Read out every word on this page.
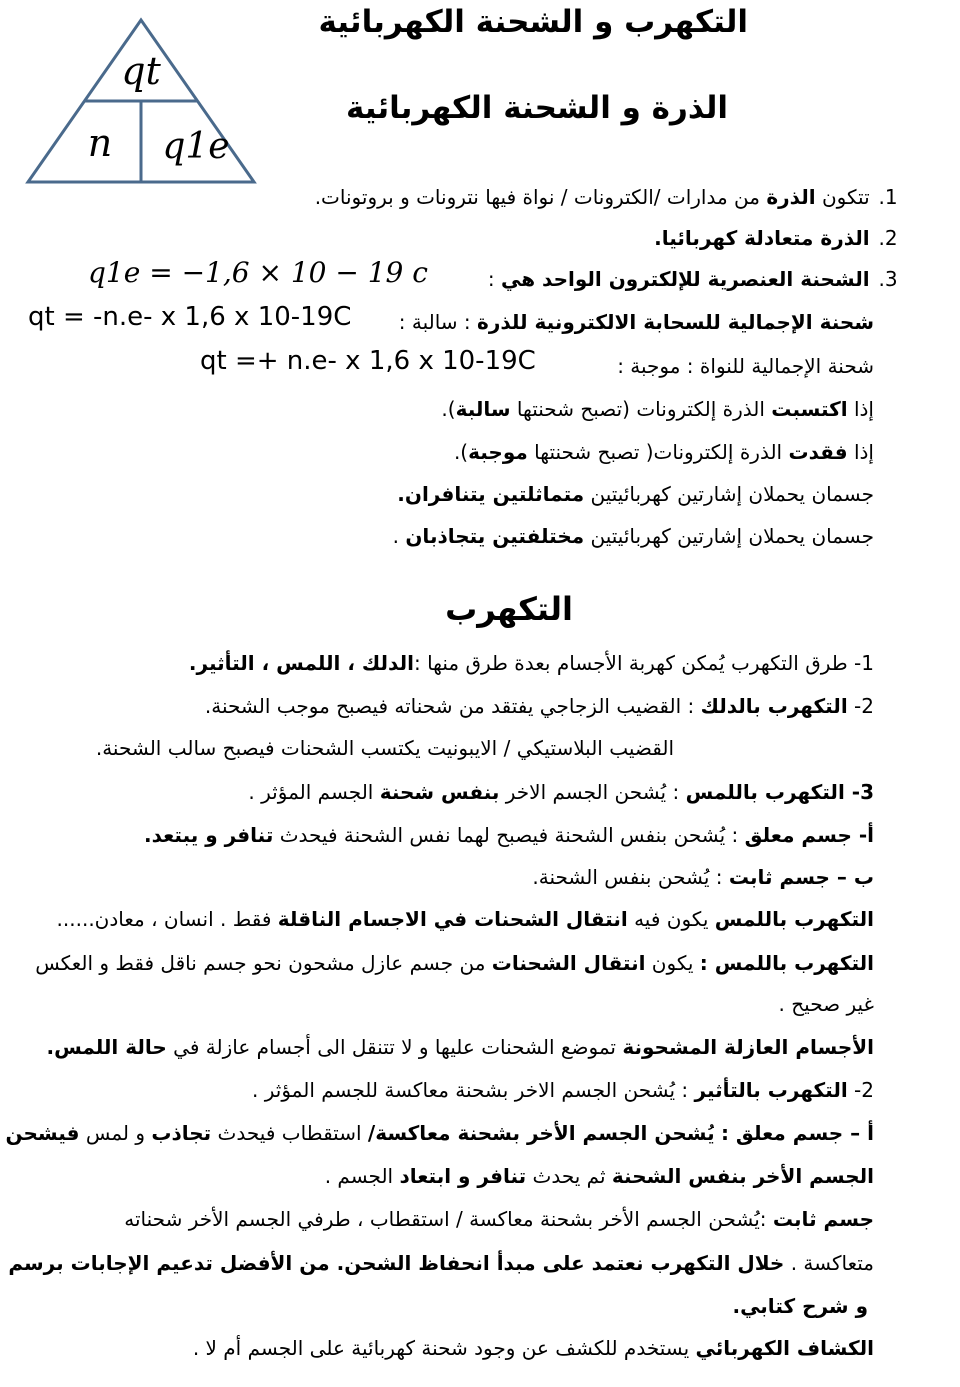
qt
n q1e
التكهرب و الشحنة الكهربائية
الذرة و الشحنة الكهربائية
1. تتكون الذرة من مدارات /الكترونات / نواة فيها نترونات و بروتونات.
2. الذرة متعادلة كهربائيا.
3. الشحنة العنصرية للإلكترون الواحد هي :
q1e = −1,6 × 10 − 19 c
شحنة الإجمالية للسحابة الالكترونية للذرة : سالبة :
qt = -n.e- x 1,6 x 10-19C
شحنة الإجمالية للنواة : موجبة :
qt =+ n.e- x 1,6 x 10-19C
إذا اكتسبت الذرة إلكترونات (تصبح شحنتها سالبة).
إذا فقدت الذرة إلكترونات( تصبح شحنتها موجبة).
جسمان يحملان إشارتين كهربائيتين متماثلتين يتنافران.
جسمان يحملان إشارتين كهربائيتين مختلفتين يتجاذبان .
التكهرب
1- طرق التكهرب يُمكن كهربة الأجسام بعدة طرق منها :الدلك ، اللمس ، التأثير.
2- التكهرب بالدلك : القضيب الزجاجي يفتقد من شحناته فيصبح موجب الشحنة.
القضيب البلاستيكي / الايبونيت يكتسب الشحنات فيصبح سالب الشحنة.
3- التكهرب باللمس : يُشحن الجسم الاخر بنفس شحنة الجسم المؤثر .
أ- جسم معلق : يُشحن بنفس الشحنة فيصبح لهما نفس الشحنة فيحدث تنافر و يبتعد.
ب – جسم ثابت : يُشحن بنفس الشحنة.
التكهرب باللمس يكون فيه انتقال الشحنات في الاجسام الناقلة فقط . انسان ، معادن......
التكهرب باللمس : يكون انتقال الشحنات من جسم عازل مشحون نحو جسم ناقل فقط و العكس
غير صحيح .
الأجسام العازلة المشحونة تموضع الشحنات عليها و لا تتنقل الى أجسام عازلة في حالة اللمس.
2- التكهرب بالتأثير : يُشحن الجسم الاخر بشحنة معاكسة للجسم المؤثر .
أ – جسم معلق : يُشحن الجسم الأخر بشحنة معاكسة/ استقطاب فيحدث تجاذب و لمس فيشحن
الجسم الأخر بنفس الشحنة ثم يحدث تنافر و ابتعاد الجسم .
جسم ثابت :يُشحن الجسم الأخر بشحنة معاكسة / استقطاب ، طرفي الجسم الأخر شحناته
متعاكسة . خلال التكهرب نعتمد على مبدأ انحفاظ الشحن. من الأفضل تدعيم الإجابات برسم
و شرح كتابي.
الكشاف الكهربائي يستخدم للكشف عن وجود شحنة كهربائية على الجسم أم لا .
